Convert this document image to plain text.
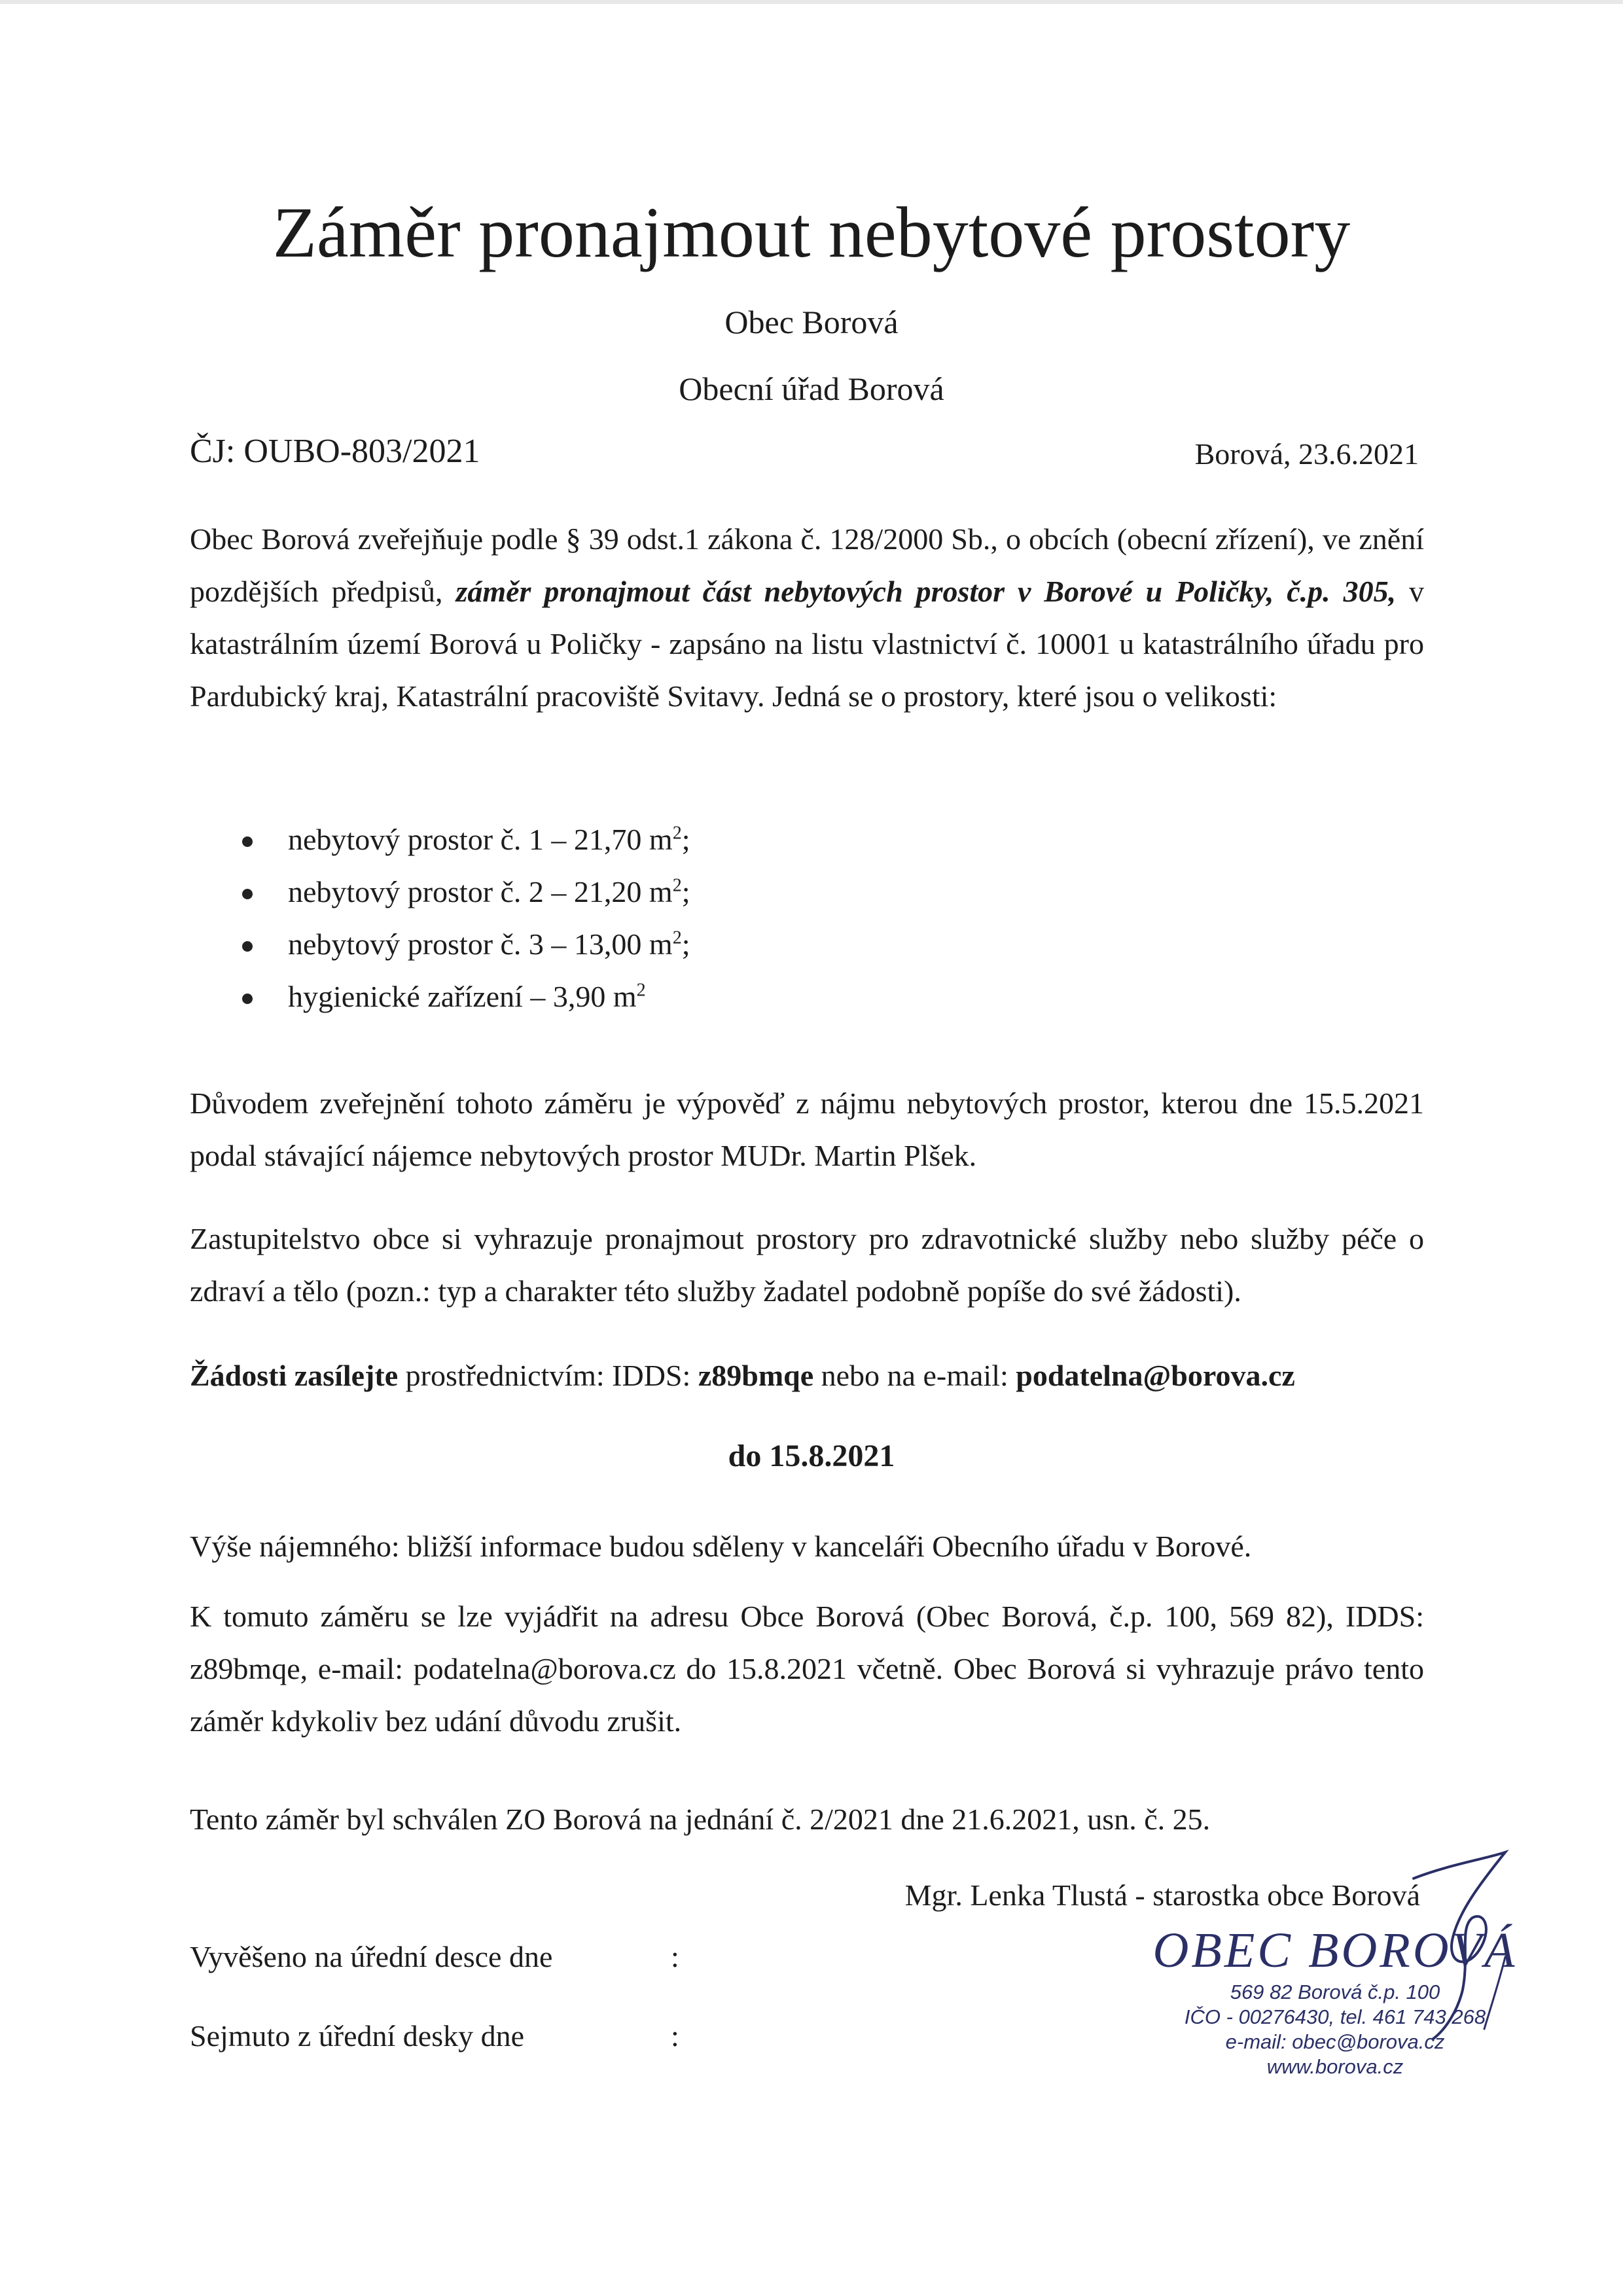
Záměr pronajmout nebytové prostory
Obec Borová
Obecní úřad Borová
ČJ: OUBO-803/2021	Borová, 23.6.2021

Obec Borová zveřejňuje podle § 39 odst.1 zákona č. 128/2000 Sb., o obcích (obecní zřízení), ve znění pozdějších předpisů, záměr pronajmout část nebytových prostor v Borové u Poličky, č.p. 305, v katastrálním území Borová u Poličky - zapsáno na listu vlastnictví č. 10001 u katastrálního úřadu pro Pardubický kraj, Katastrální pracoviště Svitavy. Jedná se o prostory, které jsou o velikosti:

nebytový prostor č. 1 – 21,70 $m^2$;
nebytový prostor č. 2 – 21,20 $m^2$;
nebytový prostor č. 3 – 13,00 $m^2$;
hygienické zařízení – 3,90 $m^2$

Důvodem zveřejnění tohoto záměru je výpověď z nájmu nebytových prostor, kterou dne 15.5.2021 podal stávající nájemce nebytových prostor MUDr. Martin Plšek.

Zastupitelstvo obce si vyhrazuje pronajmout prostory pro zdravotnické služby nebo služby péče o zdraví a tělo (pozn.: typ a charakter této služby žadatel podobně popíše do své žádosti).

Žádosti zasílejte prostřednictvím: IDDS: z89bmqe nebo na e-mail: podatelna@borova.cz

do 15.8.2021

Výše nájemného: bližší informace budou sděleny v kanceláři Obecního úřadu v Borové.

K tomuto záměru se lze vyjádřit na adresu Obce Borová (Obec Borová, č.p. 100, 569 82), IDDS: z89bmqe, e-mail: podatelna@borova.cz do 15.8.2021 včetně. Obec Borová si vyhrazuje právo tento záměr kdykoliv bez udání důvodu zrušit.

Tento záměr byl schválen ZO Borová na jednání č. 2/2021 dne 21.6.2021, usn. č. 25.

Mgr. Lenka Tlustá - starostka obce Borová
Vyvěšeno na úřední desce dne	:
Sejmuto z úřední desky dne	:
OBEC BOROVÁ
569 82 Borová č.p. 100
IČO - 00276430, tel. 461 743 268
e-mail: obec@borova.cz
www.borova.cz
